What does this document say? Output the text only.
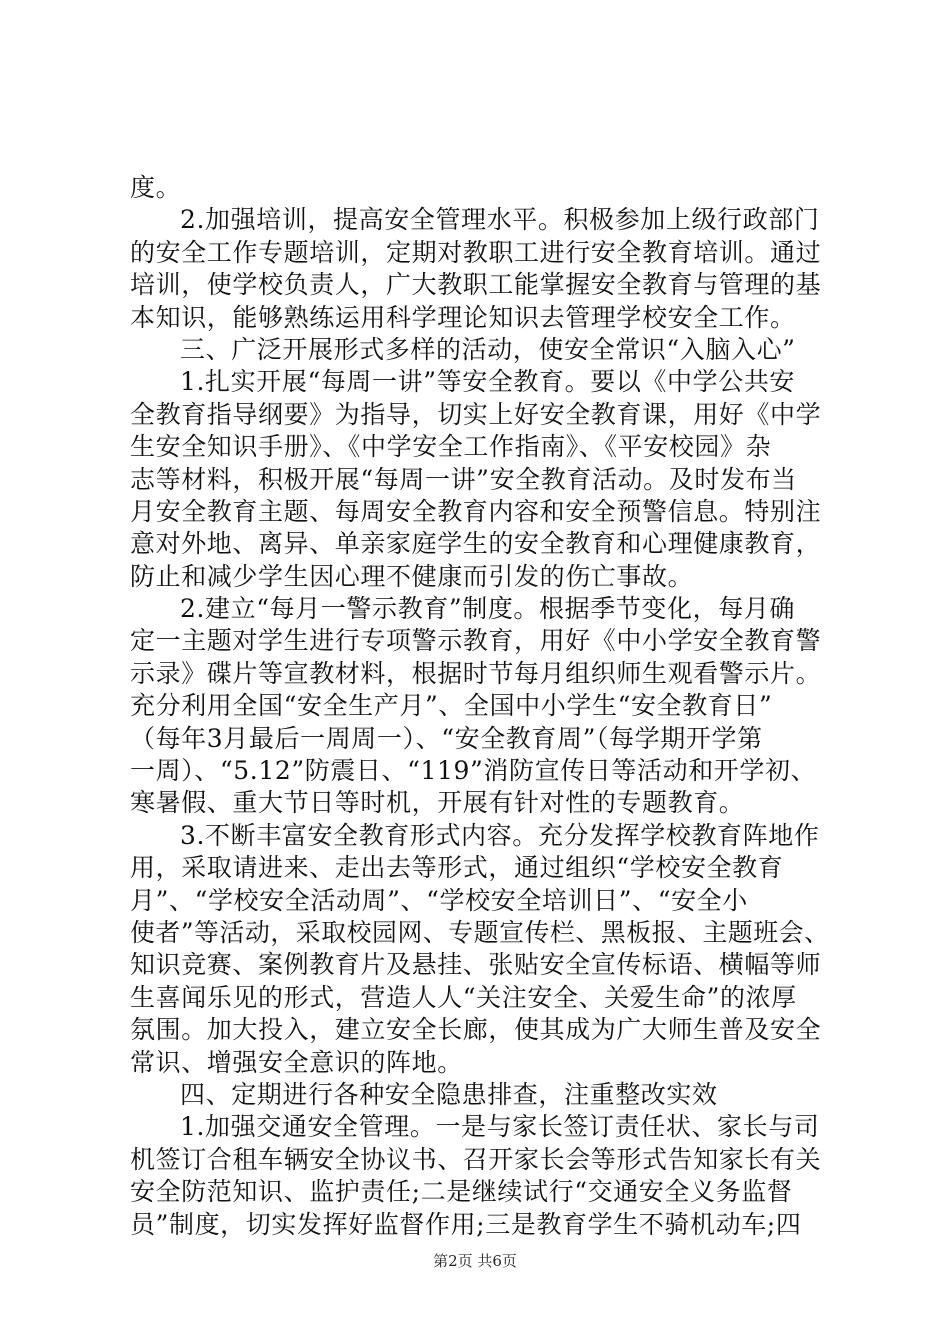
度。
2.加强培训，提高安全管理水平。积极参加上级行政部门
的安全工作专题培训，定期对教职工进行安全教育培训。通过
培训，使学校负责人，广大教职工能掌握安全教育与管理的基
本知识，能够熟练运用科学理论知识去管理学校安全工作。
三、广泛开展形式多样的活动，使安全常识“入脑入心”
1.扎实开展“每周一讲”等安全教育。要以《中学公共安
全教育指导纲要》为指导，切实上好安全教育课，用好《中学
生安全知识手册》、《中学安全工作指南》、《平安校园》杂
志等材料，积极开展“每周一讲”安全教育活动。及时发布当
月安全教育主题、每周安全教育内容和安全预警信息。特别注
意对外地、离异、单亲家庭学生的安全教育和心理健康教育，
防止和减少学生因心理不健康而引发的伤亡事故。
2.建立“每月一警示教育”制度。根据季节变化，每月确
定一主题对学生进行专项警示教育，用好《中小学安全教育警
示录》碟片等宣教材料，根据时节每月组织师生观看警示片。
充分利用全国“安全生产月”、全国中小学生“安全教育日”
（每年3月最后一周周一）、“安全教育周”（每学期开学第
一周）、“5.12”防震日、“119”消防宣传日等活动和开学初、
寒暑假、重大节日等时机，开展有针对性的专题教育。
3.不断丰富安全教育形式内容。充分发挥学校教育阵地作
用，采取请进来、走出去等形式，通过组织“学校安全教育
月”、“学校安全活动周”、“学校安全培训日”、“安全小
使者”等活动，采取校园网、专题宣传栏、黑板报、主题班会、
知识竞赛、案例教育片及悬挂、张贴安全宣传标语、横幅等师
生喜闻乐见的形式，营造人人“关注安全、关爱生命”的浓厚
氛围。加大投入，建立安全长廊，使其成为广大师生普及安全
常识、增强安全意识的阵地。
四、定期进行各种安全隐患排查，注重整改实效
1.加强交通安全管理。一是与家长签订责任状、家长与司
机签订合租车辆安全协议书、召开家长会等形式告知家长有关
安全防范知识、监护责任;二是继续试行“交通安全义务监督
员”制度，切实发挥好监督作用;三是教育学生不骑机动车;四
第2页 共6页
